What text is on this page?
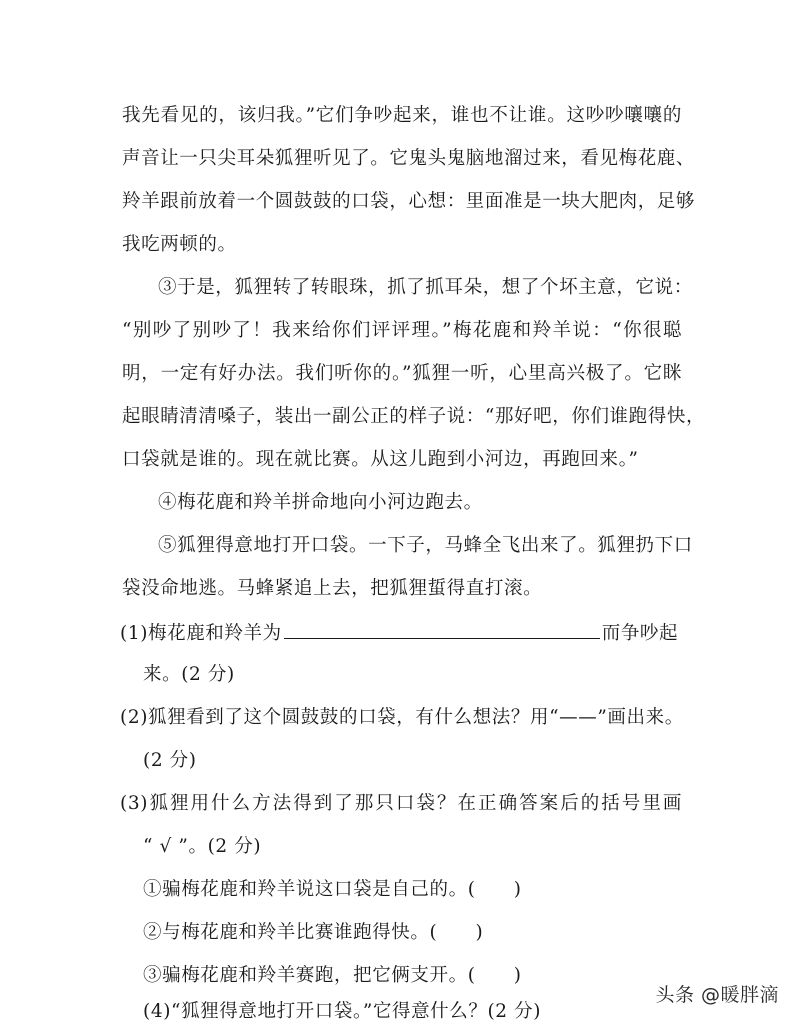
我先看见的，该归我。”它们争吵起来，谁也不让谁。这吵吵嚷嚷的
声音让一只尖耳朵狐狸听见了。它鬼头鬼脑地溜过来，看见梅花鹿、
羚羊跟前放着一个圆鼓鼓的口袋，心想：里面准是一块大肥肉，足够
我吃两顿的。
③于是，狐狸转了转眼珠，抓了抓耳朵，想了个坏主意，它说：
“别吵了别吵了！我来给你们评评理。”梅花鹿和羚羊说：“你很聪
明，一定有好办法。我们听你的。”狐狸一听，心里高兴极了。它眯
起眼睛清清嗓子，装出一副公正的样子说：“那好吧，你们谁跑得快，
口袋就是谁的。现在就比赛。从这儿跑到小河边，再跑回来。”
④梅花鹿和羚羊拼命地向小河边跑去。
⑤狐狸得意地打开口袋。一下子，马蜂全飞出来了。狐狸扔下口
袋没命地逃。马蜂紧追上去，把狐狸蜇得直打滚。
(1)梅花鹿和羚羊为	而争吵起
来。(2 分)
(2)狐狸看到了这个圆鼓鼓的口袋，有什么想法？用“——”画出来。
(2 分)
(3)狐狸用什么方法得到了那只口袋？在正确答案后的括号里画
“ √ ”。(2 分)
①骗梅花鹿和羚羊说这口袋是自己的。(　　)
②与梅花鹿和羚羊比赛谁跑得快。(　　)
③骗梅花鹿和羚羊赛跑，把它俩支开。(　　)
(4)“狐狸得意地打开口袋。”它得意什么？(2 分)
头条 @暖胖滴
